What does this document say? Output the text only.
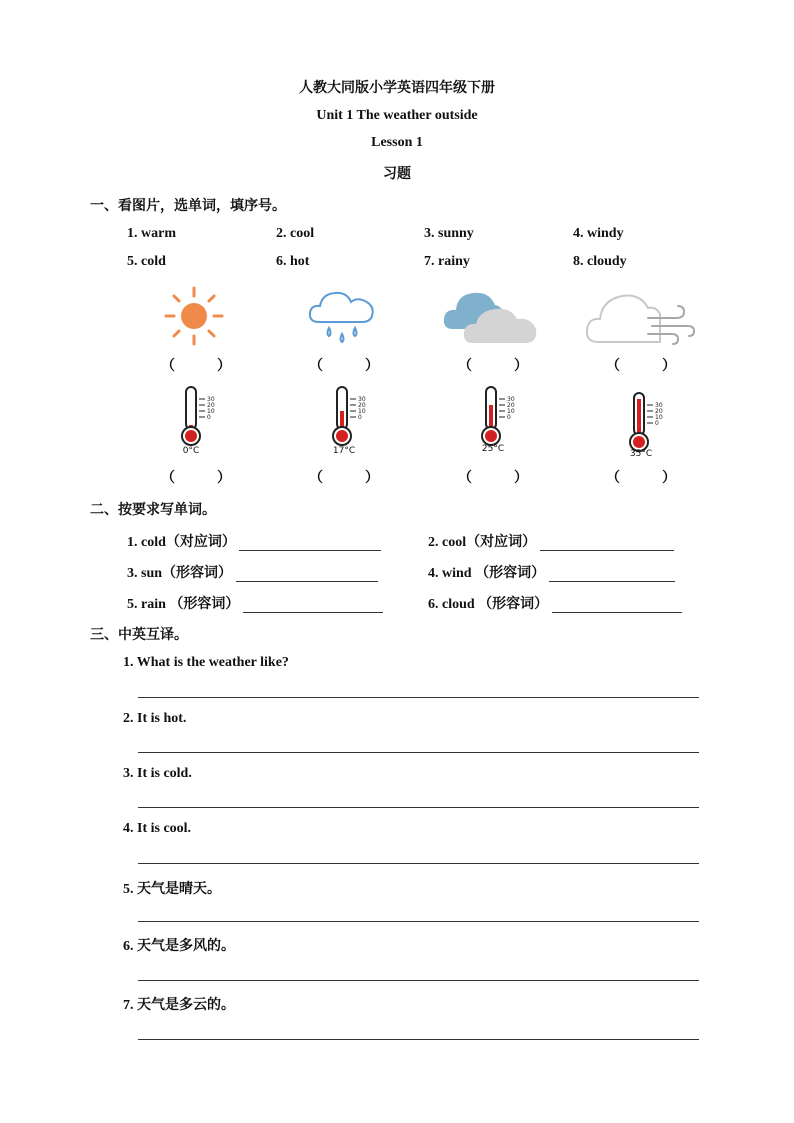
人教大同版小学英语四年级下册
Unit 1 The weather outside
Lesson 1
习题
一、看图片，选单词，填序号。
1. warm	2. cool	3. sunny	4. windy
5. cold	6. hot	7. rainy	8. cloudy
（　　　）	（　　　）	（　　　）	（　　　）
30
20
10
0
0°C
30
20
10
0
17°C
30
20
10
0
25°C
30
20
10
0
35°C
（　　　）	（　　　）	（　　　）	（　　　）
二、按要求写单词。
1. cold（对应词）	2. cool（对应词）
3. sun（形容词）	4. wind （形容词）
5. rain （形容词）	6. cloud （形容词）
三、中英互译。
1. What is the weather like?
2. It is hot.
3. It is cold.
4. It is cool.
5. 天气是晴天。
6. 天气是多风的。
7. 天气是多云的。
